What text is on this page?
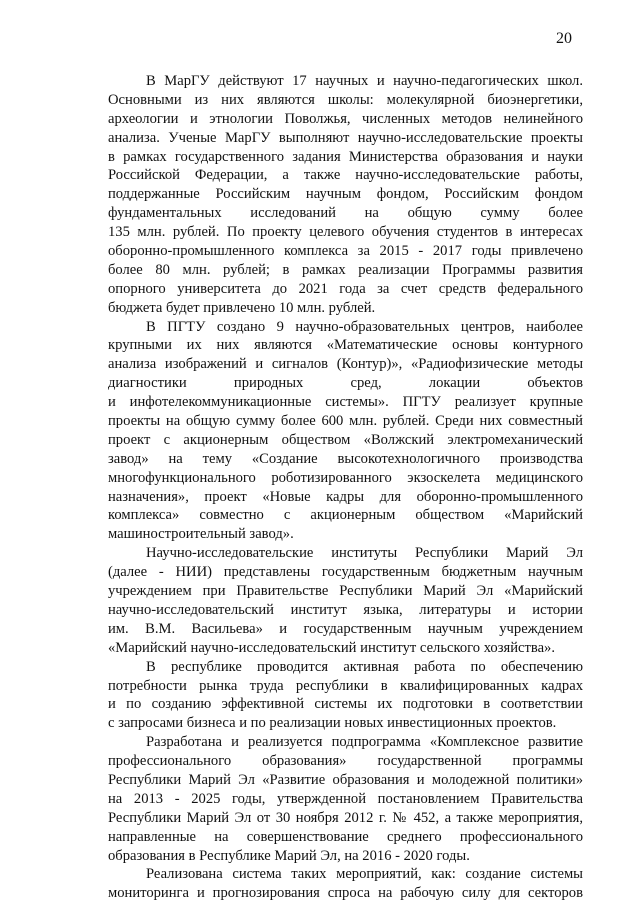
20
В МарГУ действуют 17 научных и научно-педагогических школ.
Основными из них являются школы: молекулярной биоэнергетики,
археологии и этнологии Поволжья, численных методов нелинейного
анализа. Ученые МарГУ выполняют научно-исследовательские проекты
в рамках государственного задания Министерства образования и науки
Российской Федерации, а также научно-исследовательские работы,
поддержанные Российским научным фондом, Российским фондом
фундаментальных исследований на общую сумму более
135 млн. рублей. По проекту целевого обучения студентов в интересах
оборонно-промышленного комплекса за 2015 - 2017 годы привлечено
более 80 млн. рублей; в рамках реализации Программы развития
опорного университета до 2021 года за счет средств федерального
бюджета будет привлечено 10 млн. рублей.
В ПГТУ создано 9 научно-образовательных центров, наиболее
крупными их них являются «Математические основы контурного
анализа изображений и сигналов (Контур)», «Радиофизические методы
диагностики природных сред, локации объектов
и инфотелекоммуникационные системы». ПГТУ реализует крупные
проекты на общую сумму более 600 млн. рублей. Среди них совместный
проект с акционерным обществом «Волжский электромеханический
завод» на тему «Создание высокотехнологичного производства
многофункционального роботизированного экзоскелета медицинского
назначения», проект «Новые кадры для оборонно-промышленного
комплекса» совместно с акционерным обществом «Марийский
машиностроительный завод».
Научно-исследовательские институты Республики Марий Эл
(далее - НИИ) представлены государственным бюджетным научным
учреждением при Правительстве Республики Марий Эл «Марийский
научно-исследовательский институт языка, литературы и истории
им. В.М. Васильева» и государственным научным учреждением
«Марийский научно-исследовательский институт сельского хозяйства».
В республике проводится активная работа по обеспечению
потребности рынка труда республики в квалифицированных кадрах
и по созданию эффективной системы их подготовки в соответствии
с запросами бизнеса и по реализации новых инвестиционных проектов.
Разработана и реализуется подпрограмма «Комплексное развитие
профессионального образования» государственной программы
Республики Марий Эл «Развитие образования и молодежной политики»
на 2013 - 2025 годы, утвержденной постановлением Правительства
Республики Марий Эл от 30 ноября 2012 г. № 452, а также мероприятия,
направленные на совершенствование среднего профессионального
образования в Республике Марий Эл, на 2016 - 2020 годы.
Реализована система таких мероприятий, как: создание системы
мониторинга и прогнозирования спроса на рабочую силу для секторов
